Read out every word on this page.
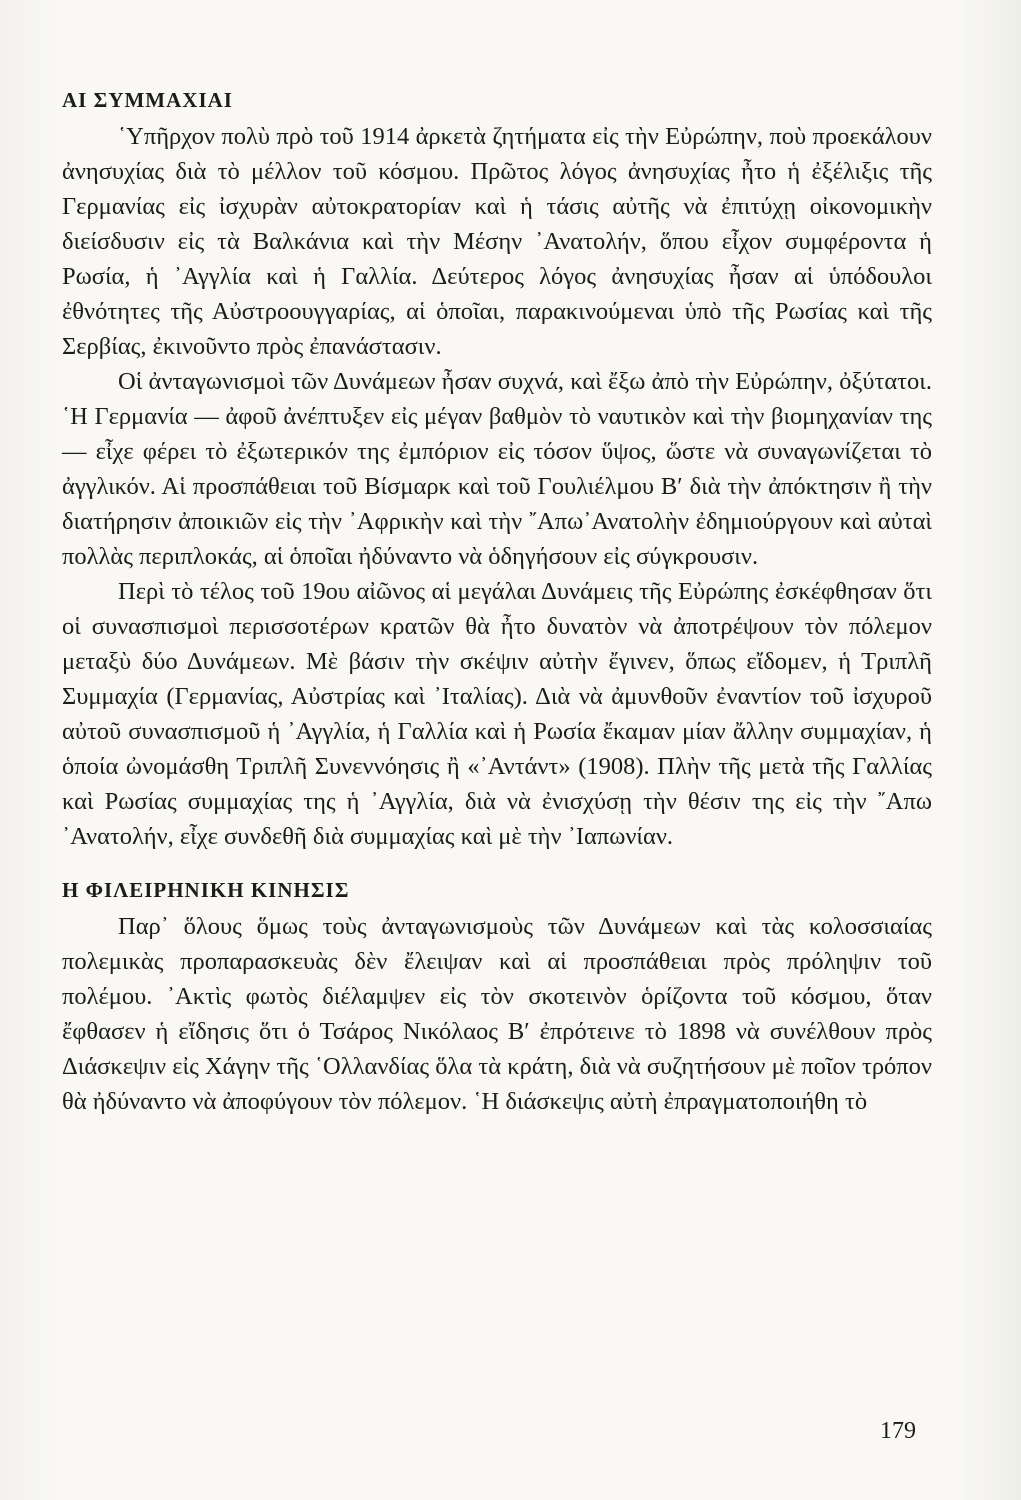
ΑΙ ΣΥΜΜΑΧΙΑΙ

῾Υπῆρχον πολὺ πρὸ τοῦ 1914 ἀρκετὰ ζητήματα εἰς τὴν Εὐρώπην, ποὺ προεκάλουν ἀνησυχίας διὰ τὸ μέλλον τοῦ κόσμου. Πρῶτος λόγος ἀνησυχίας ἦτο ἡ ἐξέλιξις τῆς Γερμανίας εἰς ἰσχυρὰν αὐτοκρατορίαν καὶ ἡ τάσις αὐτῆς νὰ ἐπιτύχῃ οἰκονομικὴν διείσδυσιν εἰς τὰ Βαλκάνια καὶ τὴν Μέσην ᾿Ανατολήν, ὅπου εἶχον συμφέροντα ἡ Ρωσία, ἡ ᾿Αγγλία καὶ ἡ Γαλλία. Δεύτερος λόγος ἀνησυχίας ἦσαν αἱ ὑπόδουλοι ἐθνότητες τῆς Αὐστροουγγαρίας, αἱ ὁποῖαι, παρακινούμεναι ὑπὸ τῆς Ρωσίας καὶ τῆς Σερβίας, ἐκινοῦντο πρὸς ἐπανάστασιν.

Οἱ ἀνταγωνισμοὶ τῶν Δυνάμεων ἦσαν συχνά, καὶ ἔξω ἀπὸ τὴν Εὐρώπην, ὀξύτατοι. ῾Η Γερμανία — ἀφοῦ ἀνέπτυξεν εἰς μέγαν βαθμὸν τὸ ναυτικὸν καὶ τὴν βιομηχανίαν της — εἶχε φέρει τὸ ἐξωτερικόν της ἐμπόριον εἰς τόσον ὕψος, ὥστε νὰ συναγωνίζεται τὸ ἀγγλικόν. Αἱ προσπάθειαι τοῦ Βίσμαρκ καὶ τοῦ Γουλιέλμου Β′ διὰ τὴν ἀπόκτησιν ἢ τὴν διατήρησιν ἀποικιῶν εἰς τὴν ᾿Αφρικὴν καὶ τὴν ῎Απω᾿Ανατολὴν ἐδημιούργουν καὶ αὐταὶ πολλὰς περιπλοκάς, αἱ ὁποῖαι ἠδύναντο νὰ ὁδηγήσουν εἰς σύγκρουσιν.

Περὶ τὸ τέλος τοῦ 19ου αἰῶνος αἱ μεγάλαι Δυνάμεις τῆς Εὐρώπης ἐσκέφθησαν ὅτι οἱ συνασπισμοὶ περισσοτέρων κρατῶν θὰ ἦτο δυνατὸν νὰ ἀποτρέψουν τὸν πόλεμον μεταξὺ δύο Δυνάμεων. Μὲ βάσιν τὴν σκέψιν αὐτὴν ἔγινεν, ὅπως εἴδομεν, ἡ Τριπλῆ Συμμαχία (Γερμανίας, Αὐστρίας καὶ ᾿Ιταλίας). Διὰ νὰ ἀμυνθοῦν ἐναντίον τοῦ ἰσχυροῦ αὐτοῦ συνασπισμοῦ ἡ ᾿Αγγλία, ἡ Γαλλία καὶ ἡ Ρωσία ἔκαμαν μίαν ἄλλην συμμαχίαν, ἡ ὁποία ὠνομάσθη Τριπλῆ Συνεννόησις ἢ «᾿Αντάντ» (1908). Πλὴν τῆς μετὰ τῆς Γαλλίας καὶ Ρωσίας συμμαχίας της ἡ ᾿Αγγλία, διὰ νὰ ἐνισχύσῃ τὴν θέσιν της εἰς τὴν ῎Απω ᾿Ανατολήν, εἶχε συνδεθῆ διὰ συμμαχίας καὶ μὲ τὴν ᾿Ιαπωνίαν.

Η ΦΙΛΕΙΡΗΝΙΚΗ ΚΙΝΗΣΙΣ

Παρ᾿ ὅλους ὅμως τοὺς ἀνταγωνισμοὺς τῶν Δυνάμεων καὶ τὰς κολοσσιαίας πολεμικὰς προπαρασκευὰς δὲν ἔλειψαν καὶ αἱ προσπάθειαι πρὸς πρόληψιν τοῦ πολέμου. ᾿Ακτὶς φωτὸς διέλαμψεν εἰς τὸν σκοτεινὸν ὁρίζοντα τοῦ κόσμου, ὅταν ἔφθασεν ἡ εἴδησις ὅτι ὁ Τσάρος Νικόλαος Β′ ἐπρότεινε τὸ 1898 νὰ συνέλθουν πρὸς Διάσκεψιν εἰς Χάγην τῆς ῾Ολλανδίας ὅλα τὰ κράτη, διὰ νὰ συζητήσουν μὲ ποῖον τρόπον θὰ ἠδύναντο νὰ ἀποφύγουν τὸν πόλεμον. ῾Η διάσκεψις αὐτὴ ἐπραγματοποιήθη τὸ

179
